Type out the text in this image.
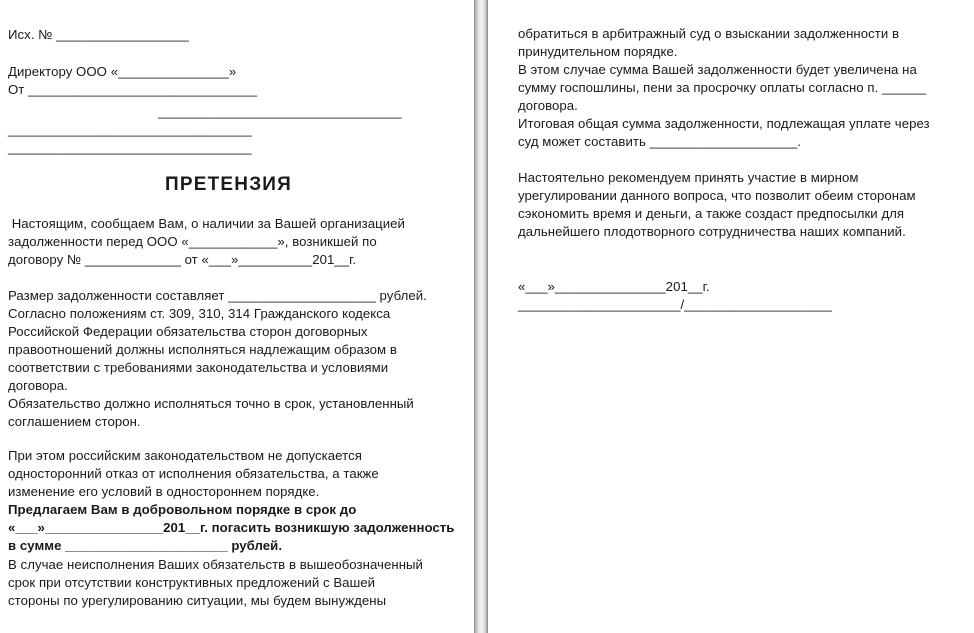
Исх. № __________________
Директору ООО «_______________»
От _______________________________
_________________________________
_________________________________
_________________________________
ПРЕТЕНЗИЯ
Настоящим, сообщаем Вам, о наличии за Вашей организацией
задолженности перед ООО «____________», возникшей по
договору № _____________ от «___»__________201__г.
Размер задолженности составляет ____________________ рублей.
Согласно положениям ст. 309, 310, 314 Гражданского кодекса
Российской Федерации обязательства сторон договорных
правоотношений должны исполняться надлежащим образом в
соответствии с требованиями законодательства и условиями
договора.
Обязательство должно исполняться точно в срок, установленный
соглашением сторон.
При этом российским законодательством не допускается
односторонний отказ от исполнения обязательства, а также
изменение его условий в одностороннем порядке.
Предлагаем Вам в добровольном порядке в срок до
«___»________________201__г. погасить возникшую задолженность
в сумме ______________________ рублей.
В случае неисполнения Ваших обязательств в вышеобозначенный
срок при отсутствии конструктивных предложений с Вашей
стороны по урегулированию ситуации, мы будем вынуждены
обратиться в арбитражный суд о взыскании задолженности в
принудительном порядке.
В этом случае сумма Вашей задолженности будет увеличена на
сумму госпошлины, пени за просрочку оплаты согласно п. ______
договора.
Итоговая общая сумма задолженности, подлежащая уплате через
суд может составить ____________________.
Настоятельно рекомендуем принять участие в мирном
урегулировании данного вопроса, что позволит обеим сторонам
сэкономить время и деньги, а также создаст предпосылки для
дальнейшего плодотворного сотрудничества наших компаний.
«___»_______________201__г.
______________________/____________________
